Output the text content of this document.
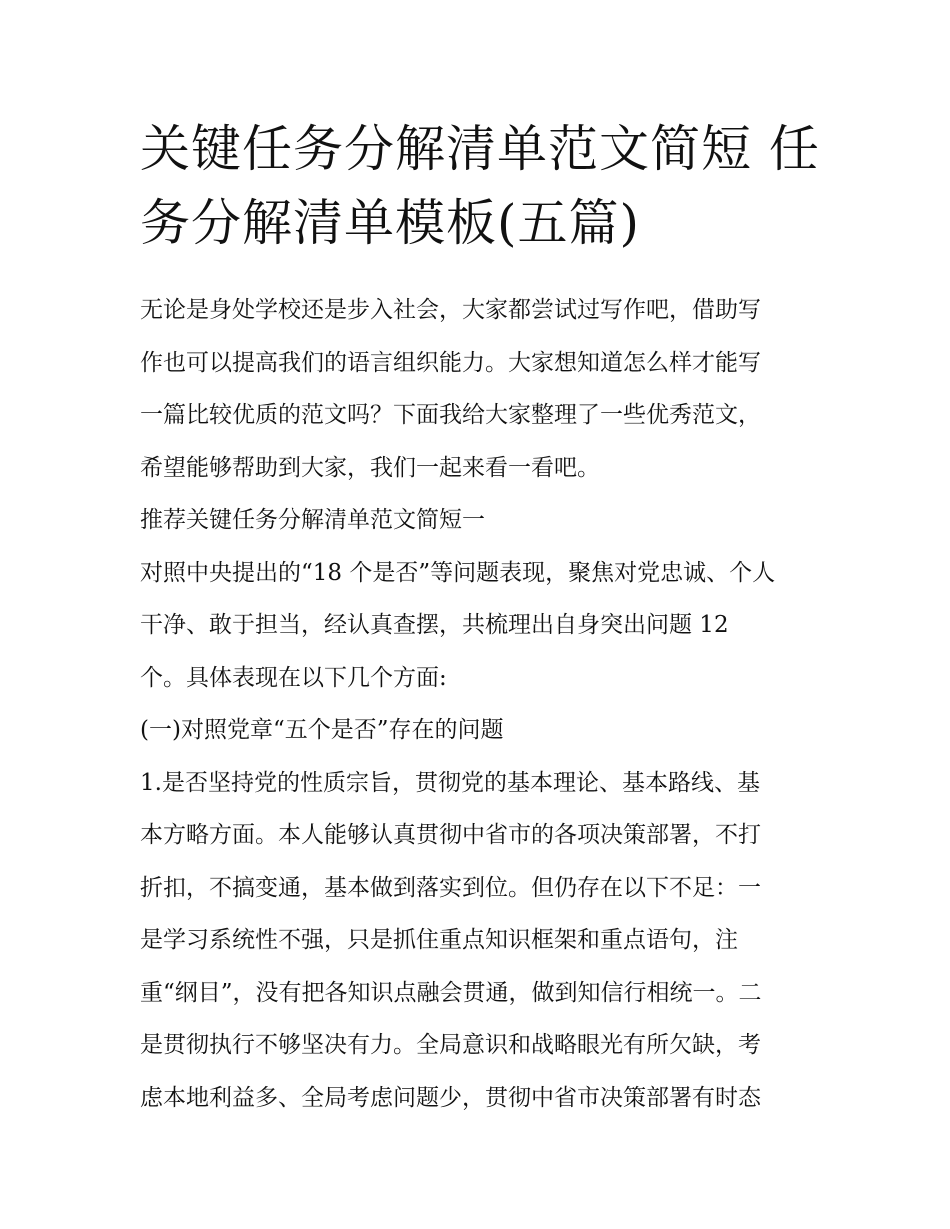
关键任务分解清单范文简短 任
务分解清单模板(五篇)

无论是身处学校还是步入社会，大家都尝试过写作吧，借助写
作也可以提高我们的语言组织能力。大家想知道怎么样才能写
一篇比较优质的范文吗？下面我给大家整理了一些优秀范文，
希望能够帮助到大家，我们一起来看一看吧。

推荐关键任务分解清单范文简短一

对照中央提出的“18 个是否”等问题表现，聚焦对党忠诚、个人
干净、敢于担当，经认真查摆，共梳理出自身突出问题 12
个。具体表现在以下几个方面:

(一)对照党章“五个是否”存在的问题

1.是否坚持党的性质宗旨，贯彻党的基本理论、基本路线、基
本方略方面。本人能够认真贯彻中省市的各项决策部署，不打
折扣，不搞变通，基本做到落实到位。但仍存在以下不足：一
是学习系统性不强，只是抓住重点知识框架和重点语句，注
重“纲目”，没有把各知识点融会贯通，做到知信行相统一。二
是贯彻执行不够坚决有力。全局意识和战略眼光有所欠缺，考
虑本地利益多、全局考虑问题少，贯彻中省市决策部署有时态
